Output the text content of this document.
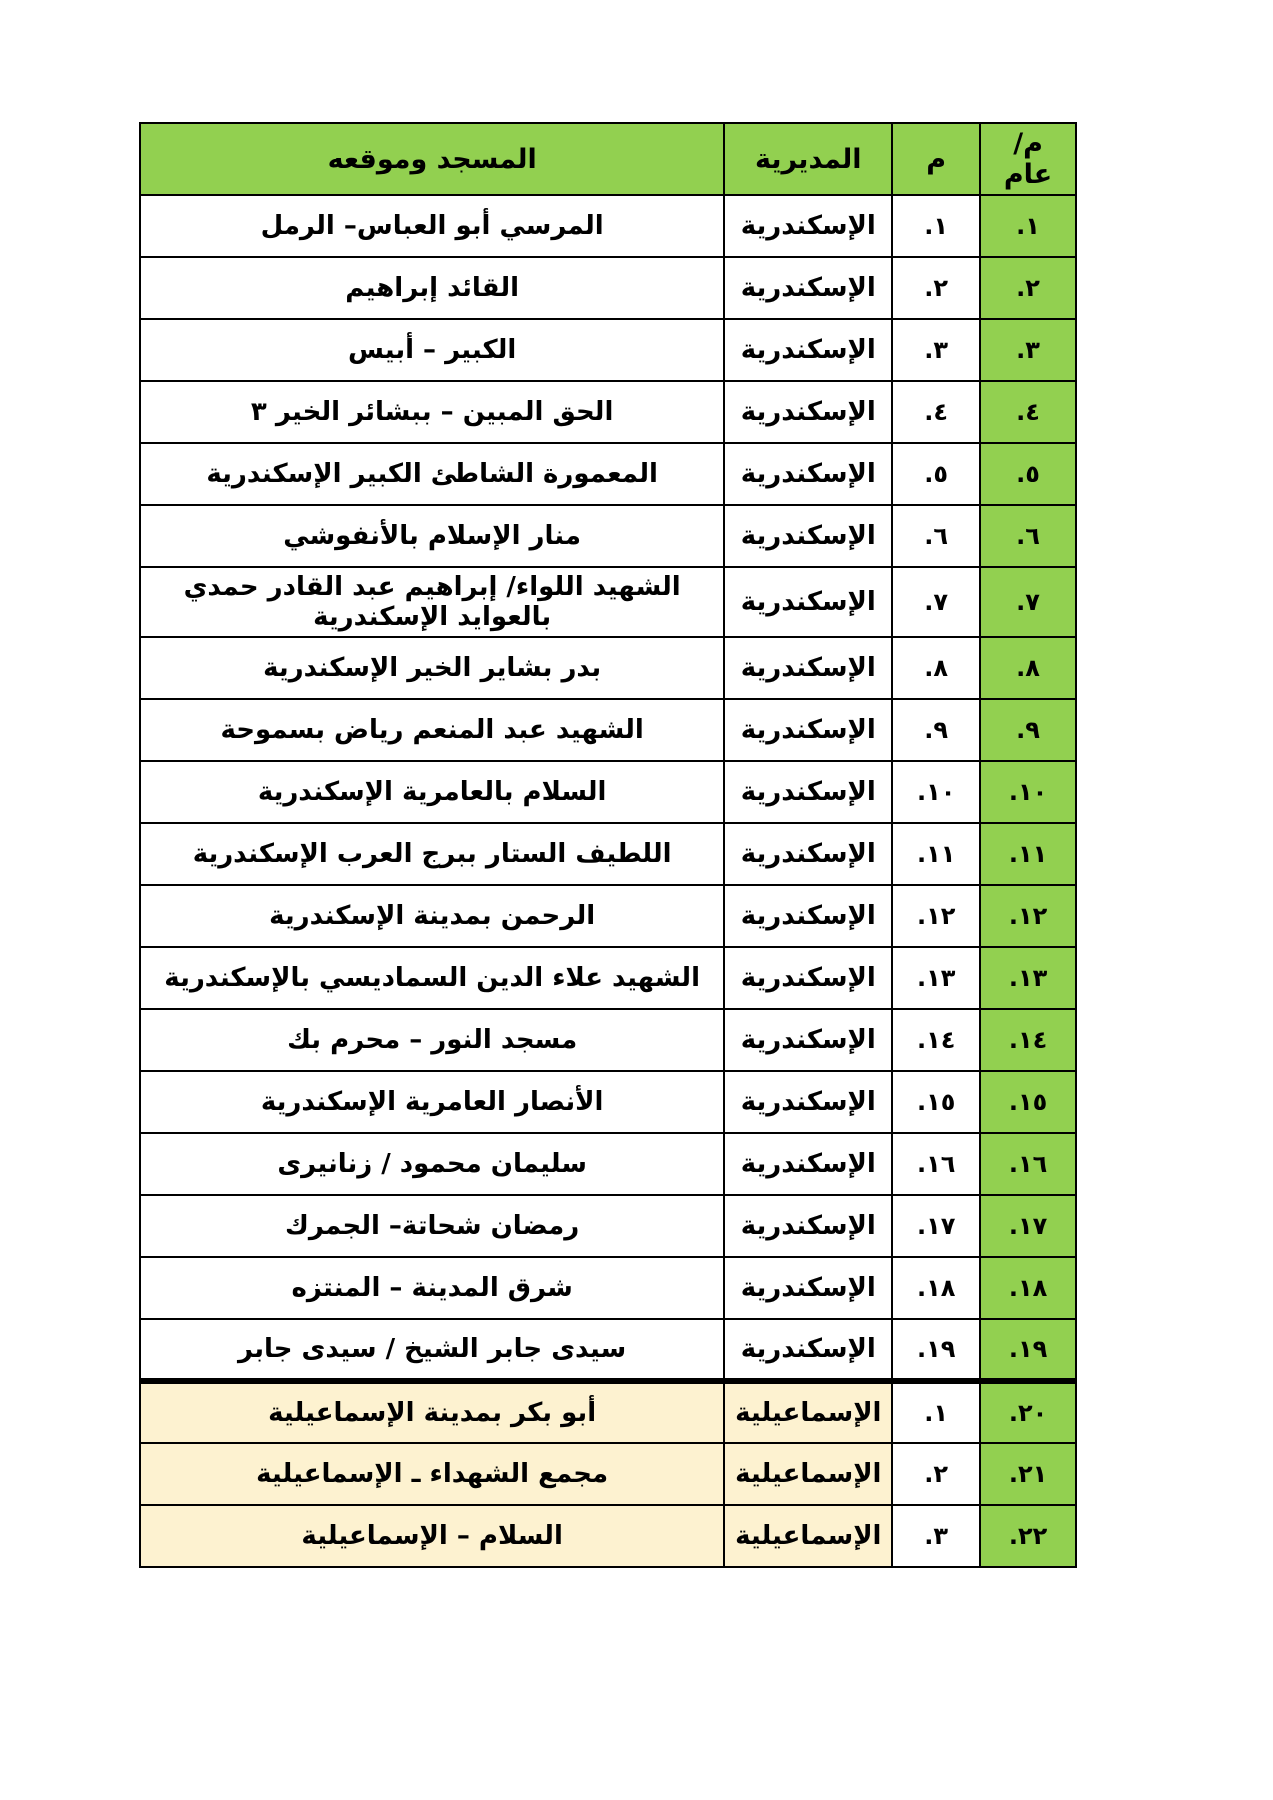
م/ عام	م	المديرية	المسجد وموقعه
١.	١.	الإسكندرية	المرسي أبو العباس– الرمل
٢.	٢.	الإسكندرية	القائد إبراهيم
٣.	٣.	الإسكندرية	الكبير – أبيس
٤.	٤.	الإسكندرية	الحق المبين – ببشائر الخير ٣
٥.	٥.	الإسكندرية	المعمورة الشاطئ الكبير الإسكندرية
٦.	٦.	الإسكندرية	منار الإسلام بالأنفوشي
٧.	٧.	الإسكندرية	الشهيد اللواء/ إبراهيم عبد القادر حمدي بالعوايد الإسكندرية
٨.	٨.	الإسكندرية	بدر بشاير الخير الإسكندرية
٩.	٩.	الإسكندرية	الشهيد عبد المنعم رياض بسموحة
١٠.	١٠.	الإسكندرية	السلام بالعامرية الإسكندرية
١١.	١١.	الإسكندرية	اللطيف الستار ببرج العرب الإسكندرية
١٢.	١٢.	الإسكندرية	الرحمن بمدينة الإسكندرية
١٣.	١٣.	الإسكندرية	الشهيد علاء الدين السماديسي بالإسكندرية
١٤.	١٤.	الإسكندرية	مسجد النور – محرم بك
١٥.	١٥.	الإسكندرية	الأنصار العامرية الإسكندرية
١٦.	١٦.	الإسكندرية	سليمان محمود / زنانيرى
١٧.	١٧.	الإسكندرية	رمضان شحاتة– الجمرك
١٨.	١٨.	الإسكندرية	شرق المدينة – المنتزه
١٩.	١٩.	الإسكندرية	سيدى جابر الشيخ / سيدى جابر
٢٠.	١.	الإسماعيلية	أبو بكر بمدينة الإسماعيلية
٢١.	٢.	الإسماعيلية	مجمع الشهداء ـ الإسماعيلية
٢٢.	٣.	الإسماعيلية	السلام – الإسماعيلية
